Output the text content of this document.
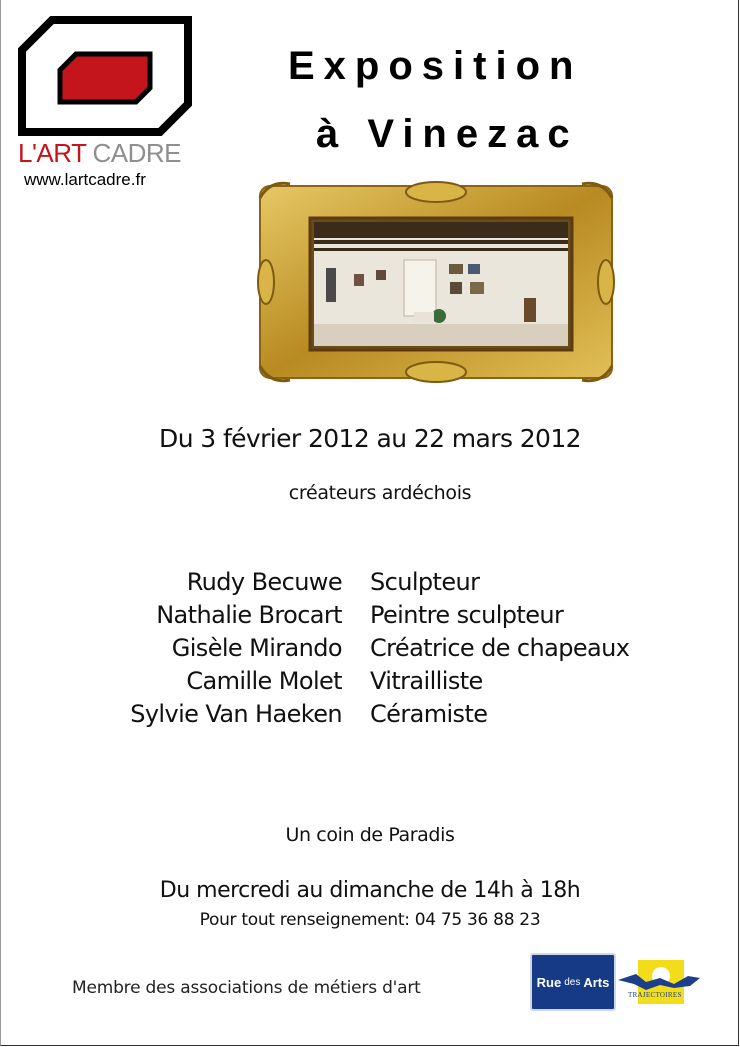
L'ART CADRE
www.lartcadre.fr
Exposition
à Vinezac
Du 3 février 2012 au 22 mars 2012
créateurs ardéchois
Rudy Becuwe Sculpteur
Nathalie Brocart Peintre sculpteur
Gisèle Mirando Créatrice de chapeaux
Camille Molet Vitrailliste
Sylvie Van Haeken Céramiste
Un coin de Paradis
Du mercredi au dimanche de 14h à 18h
Pour tout renseignement: 04 75 36 88 23
Membre des associations de métiers d'art	Rue des Arts
TRAJECTOIRES
